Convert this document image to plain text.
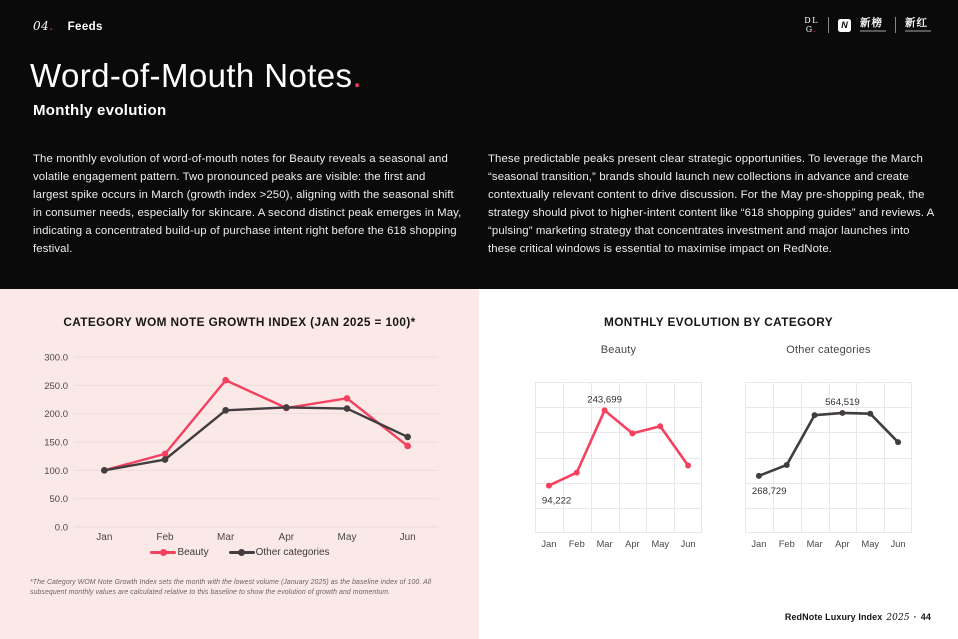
04. Feeds
DL
G.	N	新榜 新红
Word-of-Mouth Notes.
Monthly evolution
The monthly evolution of word-of-mouth notes for Beauty reveals a seasonal and volatile engagement pattern. Two pronounced peaks are visible: the first and largest spike occurs in March (growth index >250), aligning with the seasonal shift in consumer needs, especially for skincare. A second distinct peak emerges in May, indicating a concentrated build-up of purchase intent right before the 618 shopping festival.
These predictable peaks present clear strategic opportunities. To leverage the March “seasonal transition,” brands should launch new collections in advance and create contextually relevant content to drive discussion. For the May pre-shopping peak, the strategy should pivot to higher-intent content like “618 shopping guides” and reviews. A “pulsing” marketing strategy that concentrates investment and major launches into these critical windows is essential to maximise impact on RedNote.
CATEGORY WOM NOTE GROWTH INDEX (JAN 2025 = 100)*
0.0
50.0
100.0
150.0
200.0
250.0
300.0
Jan	Feb	Mar	Apr	May	Jun
Beauty	Other categories
*The Category WOM Note Growth Index sets the month with the lowest volume (January 2025) as the baseline index of 100. All subsequent monthly values are calculated relative to this baseline to show the evolution of growth and momentum.
MONTHLY EVOLUTION BY CATEGORY
Beauty	Other categories
94,222
243,699
Jan Feb Mar Apr May Jun
268,729
564,519
Jan Feb Mar Apr May Jun
RedNote Luxury Index 2025 · 44
